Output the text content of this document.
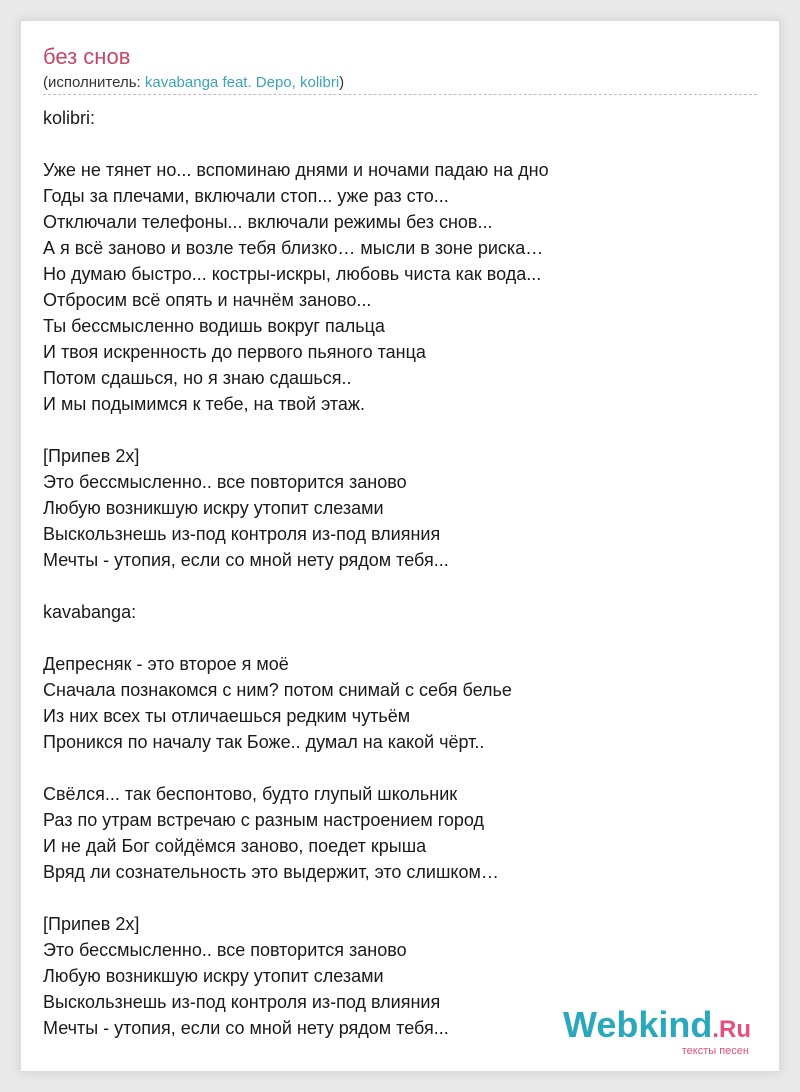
без снов
(исполнитель: kavabanga feat. Depo, kolibri)
kolibri:
Уже не тянет но... вспоминаю днями и ночами падаю на дно
Годы за плечами, включали стоп... уже раз сто...
Отключали телефоны... включали режимы без снов...
А я всё заново и возле тебя близко… мысли в зоне риска…
Но думаю быстро... костры-искры, любовь чиста как вода...
Отбросим всё опять и начнём заново...
Ты бессмысленно водишь вокруг пальца
И твоя искренность до первого пьяного танца
Потом сдашься, но я знаю сдашься..
И мы подымимся к тебе, на твой этаж.
[Припев 2x]
Это бессмысленно.. все повторится заново
Любую возникшую искру утопит слезами
Выскользнешь из-под контроля из-под влияния
Мечты - утопия, если со мной нету рядом тебя...
kavabanga:
Депресняк - это второе я моё
Сначала познакомся с ним? потом снимай с себя белье
Из них всех ты отличаешься редким чутьём
Проникся по началу так Боже.. думал на какой чёрт..
Свёлся... так беспонтово, будто глупый школьник
Раз по утрам встречаю с разным настроением город
И не дай Бог сойдёмся заново, поедет крыша
Вряд ли сознательность это выдержит, это слишком…
[Припев 2x]
Это бессмысленно.. все повторится заново
Любую возникшую искру утопит слезами
Выскользнешь из-под контроля из-под влияния
Мечты - утопия, если со мной нету рядом тебя...	Webkind.Ru
тексты песен
